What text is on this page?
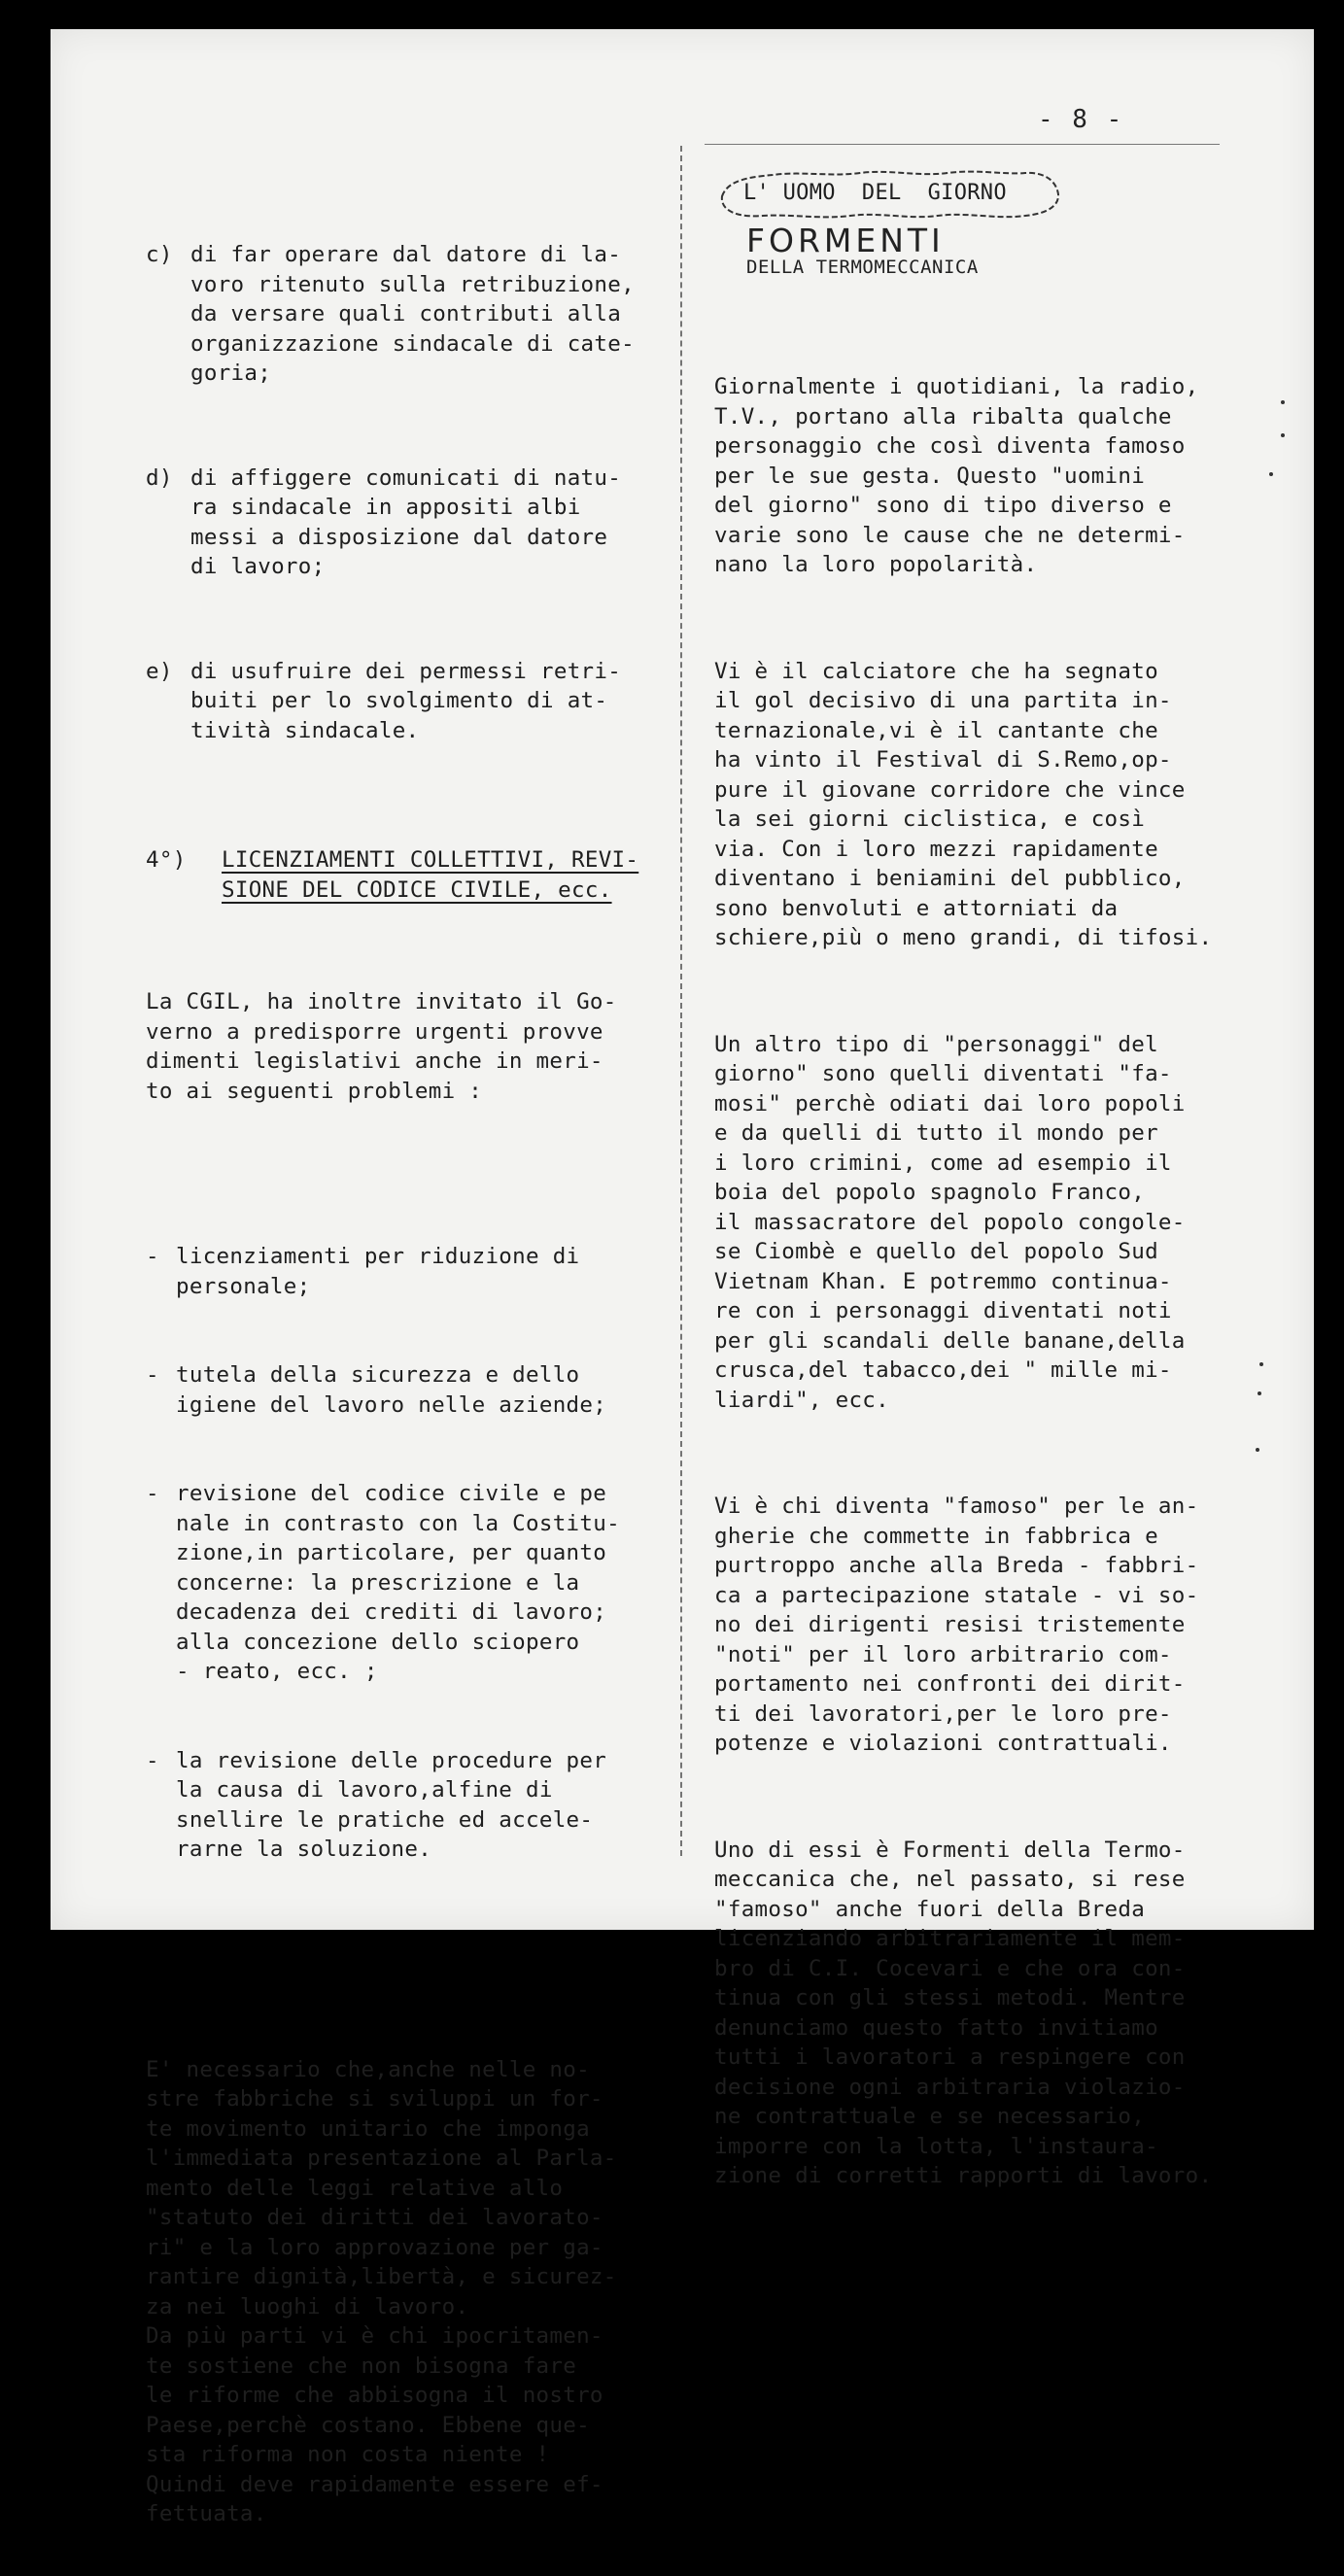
- 8 -

c) di far operare dal datore di la-
voro ritenuto sulla retribuzione,
da versare quali contributi alla
organizzazione sindacale di cate-
goria;

d) di affiggere comunicati di natu-
ra sindacale in appositi albi
messi a disposizione dal datore
di lavoro;

e) di usufruire dei permessi retri-
buiti per lo svolgimento di at-
tività sindacale.

4°)	LICENZIAMENTI COLLETTIVI, REVI-
SIONE DEL CODICE CIVILE, ecc.

La CGIL, ha inoltre invitato il Go-
verno a predisporre urgenti provve
dimenti legislativi anche in meri-
to ai seguenti problemi :

- licenziamenti per riduzione di
personale;

- tutela della sicurezza e dello
igiene del lavoro nelle aziende;

- revisione del codice civile e pe
nale in contrasto con la Costitu-
zione,in particolare, per quanto
concerne: la prescrizione e la
decadenza dei crediti di lavoro;
alla concezione dello sciopero
- reato, ecc. ;

- la revisione delle procedure per
la causa di lavoro,alfine di
snellire le pratiche ed accele-
rarne la soluzione.

E' necessario che,anche nelle no-
stre fabbriche si sviluppi un for-
te movimento unitario che imponga
l'immediata presentazione al Parla-
mento delle leggi relative allo
"statuto dei diritti dei lavorato-
ri" e la loro approvazione per ga-
rantire dignità,libertà, e sicurez-
za nei luoghi di lavoro.
Da più parti vi è chi ipocritamen-
te sostiene che non bisogna fare
le riforme che abbisogna il nostro
Paese,perchè costano. Ebbene que-
sta riforma non costa niente !
Quindi deve rapidamente essere ef-
fettuata.

L' UOMO  DEL  GIORNO
FORMENTI
DELLA TERMOMECCANICA

Giornalmente i quotidiani, la radio,
T.V., portano alla ribalta qualche
personaggio che così diventa famoso
per le sue gesta. Questo "uomini
del giorno" sono di tipo diverso e
varie sono le cause che ne determi-
nano la loro popolarità.

Vi è il calciatore che ha segnato
il gol decisivo di una partita in-
ternazionale,vi è il cantante che
ha vinto il Festival di S.Remo,op-
pure il giovane corridore che vince
la sei giorni ciclistica, e così
via. Con i loro mezzi rapidamente
diventano i beniamini del pubblico,
sono benvoluti e attorniati da
schiere,più o meno grandi, di tifosi.

Un altro tipo di "personaggi" del
giorno" sono quelli diventati "fa-
mosi" perchè odiati dai loro popoli
e da quelli di tutto il mondo per
i loro crimini, come ad esempio il
boia del popolo spagnolo Franco,
il massacratore del popolo congole-
se Ciombè e quello del popolo Sud
Vietnam Khan. E potremmo continua-
re con i personaggi diventati noti
per gli scandali delle banane,della
crusca,del tabacco,dei " mille mi-
liardi", ecc.

Vi è chi diventa "famoso" per le an-
gherie che commette in fabbrica e
purtroppo anche alla Breda - fabbri-
ca a partecipazione statale - vi so-
no dei dirigenti resisi tristemente
"noti" per il loro arbitrario com-
portamento nei confronti dei dirit-
ti dei lavoratori,per le loro pre-
potenze e violazioni contrattuali.

Uno di essi è Formenti della Termo-
meccanica che, nel passato, si rese
"famoso" anche fuori della Breda
licenziando arbitrariamente il mem-
bro di C.I. Cocevari e che ora con-
tinua con gli stessi metodi. Mentre
denunciamo questo fatto invitiamo
tutti i lavoratori a respingere con
decisione ogni arbitraria violazio-
ne contrattuale e se necessario,
imporre con la lotta, l'instaura-
zione di corretti rapporti di lavoro.
